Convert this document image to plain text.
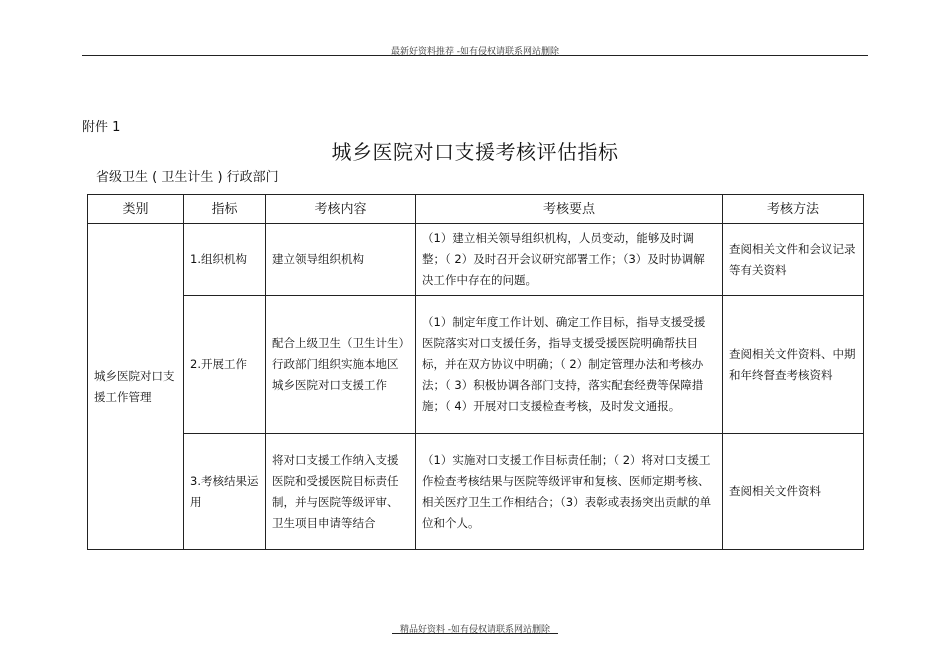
最新好资料推荐 -如有侵权请联系网站删除
附件 1
城乡医院对口支援考核评估指标
省级卫生 ( 卫生计生 ) 行政部门
类别	指标	考核内容	考核要点	考核方法
城乡医院对口支援工作管理	1.组织机构	建立领导组织机构	（1）建立相关领导组织机构，人员变动，能够及时调整；（ 2）及时召开会议研究部署工作；（3）及时协调解决工作中存在的问题。	查阅相关文件和会议记录等有关资料
	2.开展工作	配合上级卫生（卫生计生）行政部门组织实施本地区城乡医院对口支援工作	（1）制定年度工作计划、确定工作目标，指导支援受援医院落实对口支援任务，指导支援受援医院明确帮扶目标，并在双方协议中明确；（ 2）制定管理办法和考核办法；（ 3）积极协调各部门支持，落实配套经费等保障措施；（ 4）开展对口支援检查考核，及时发文通报。	查阅相关文件资料、中期和年终督查考核资料
	3.考核结果运用	将对口支援工作纳入支援医院和受援医院目标责任制，并与医院等级评审、卫生项目申请等结合	（1）实施对口支援工作目标责任制；（ 2）将对口支援工作检查考核结果与医院等级评审和复核、医师定期考核、相关医疗卫生工作相结合；（3）表彰或表扬突出贡献的单位和个人。	查阅相关文件资料
精品好资料 -如有侵权请联系网站删除
